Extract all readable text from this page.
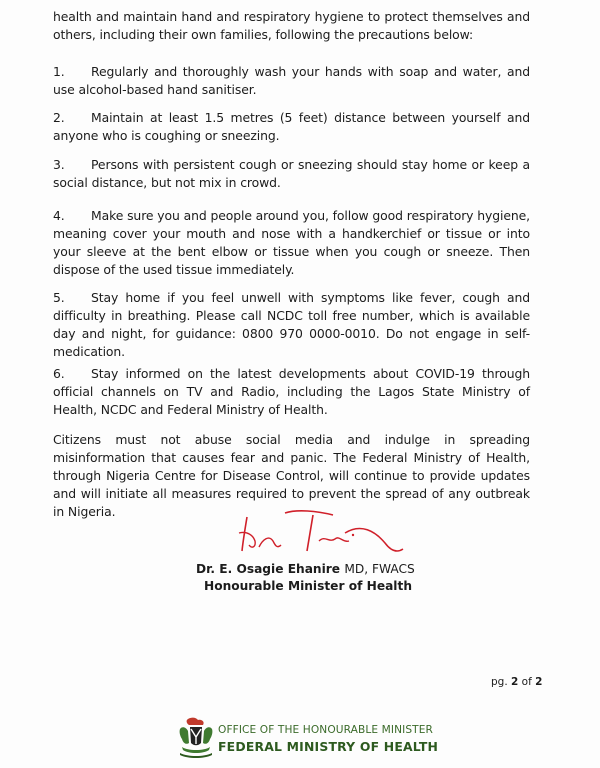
health and maintain hand and respiratory hygiene to protect themselves and others, including their own families, following the precautions below:
1. Regularly and thoroughly wash your hands with soap and water, and use alcohol-based hand sanitiser.
2. Maintain at least 1.5 metres (5 feet) distance between yourself and anyone who is coughing or sneezing.
3. Persons with persistent cough or sneezing should stay home or keep a social distance, but not mix in crowd.
4. Make sure you and people around you, follow good respiratory hygiene, meaning cover your mouth and nose with a handkerchief or tissue or into your sleeve at the bent elbow or tissue when you cough or sneeze. Then dispose of the used tissue immediately.
5. Stay home if you feel unwell with symptoms like fever, cough and difficulty in breathing. Please call NCDC toll free number, which is available day and night, for guidance: 0800 970 0000-0010. Do not engage in self-medication.
6. Stay informed on the latest developments about COVID-19 through official channels on TV and Radio, including the Lagos State Ministry of Health, NCDC and Federal Ministry of Health.
Citizens must not abuse social media and indulge in spreading misinformation that causes fear and panic. The Federal Ministry of Health, through Nigeria Centre for Disease Control, will continue to provide updates and will initiate all measures required to prevent the spread of any outbreak in Nigeria.
Dr. E. Osagie Ehanire MD, FWACS
Honourable Minister of Health
pg. 2 of 2
OFFICE OF THE HONOURABLE MINISTER
FEDERAL MINISTRY OF HEALTH
